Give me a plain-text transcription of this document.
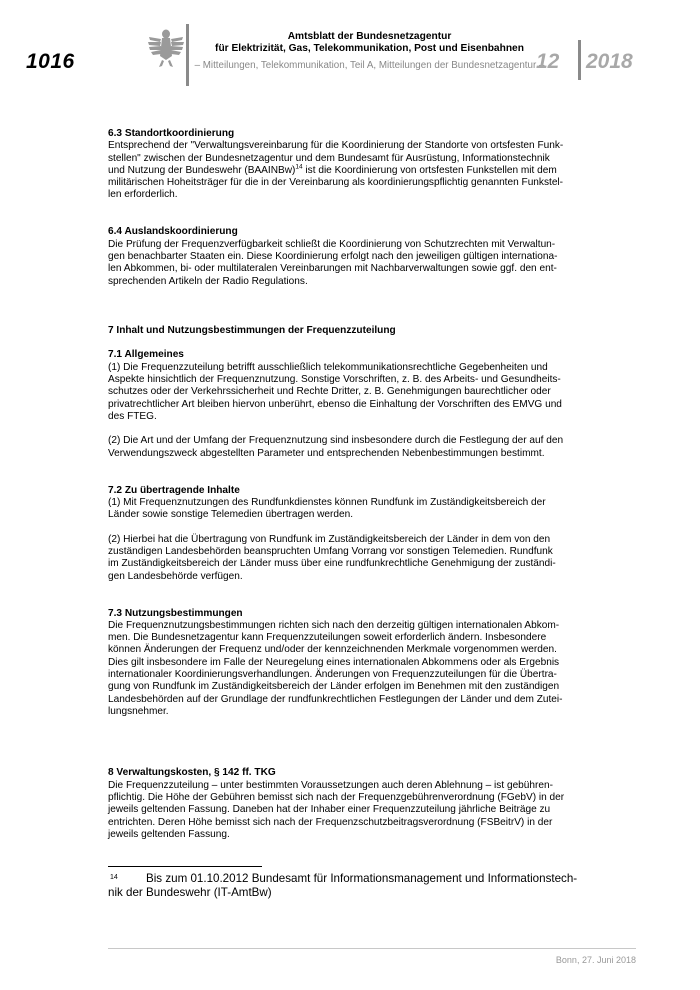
1016
Amtsblatt der Bundesnetzagentur
für Elektrizität, Gas, Telekommunikation, Post und Eisenbahnen
– Mitteilungen, Telekommunikation, Teil A, Mitteilungen der Bundesnetzagentur –
12 2018
6.3 Standortkoordinierung
Entsprechend der "Verwaltungsvereinbarung für die Koordinierung der Standorte von ortsfesten Funk-
stellen" zwischen der Bundesnetzagentur und dem Bundesamt für Ausrüstung, Informationstechnik
und Nutzung der Bundeswehr (BAAINBw)$^{14}$ ist die Koordinierung von ortsfesten Funkstellen mit dem
militärischen Hoheitsträger für die in der Vereinbarung als koordinierungspflichtig genannten Funkstel-
len erforderlich.
6.4 Auslandskoordinierung
Die Prüfung der Frequenzverfügbarkeit schließt die Koordinierung von Schutzrechten mit Verwaltun-
gen benachbarter Staaten ein. Diese Koordinierung erfolgt nach den jeweiligen gültigen internationa-
len Abkommen, bi- oder multilateralen Vereinbarungen mit Nachbarverwaltungen sowie ggf. den ent-
sprechenden Artikeln der Radio Regulations.
7 Inhalt und Nutzungsbestimmungen der Frequenzzuteilung
7.1 Allgemeines
(1) Die Frequenzzuteilung betrifft ausschließlich telekommunikationsrechtliche Gegebenheiten und
Aspekte hinsichtlich der Frequenznutzung. Sonstige Vorschriften, z. B. des Arbeits- und Gesundheits-
schutzes oder der Verkehrssicherheit und Rechte Dritter, z. B. Genehmigungen baurechtlicher oder
privatrechtlicher Art bleiben hiervon unberührt, ebenso die Einhaltung der Vorschriften des EMVG und
des FTEG.
(2) Die Art und der Umfang der Frequenznutzung sind insbesondere durch die Festlegung der auf den
Verwendungszweck abgestellten Parameter und entsprechenden Nebenbestimmungen bestimmt.
7.2 Zu übertragende Inhalte
(1) Mit Frequenznutzungen des Rundfunkdienstes können Rundfunk im Zuständigkeitsbereich der
Länder sowie sonstige Telemedien übertragen werden.
(2) Hierbei hat die Übertragung von Rundfunk im Zuständigkeitsbereich der Länder in dem von den
zuständigen Landesbehörden beanspruchten Umfang Vorrang vor sonstigen Telemedien. Rundfunk
im Zuständigkeitsbereich der Länder muss über eine rundfunkrechtliche Genehmigung der zuständi-
gen Landesbehörde verfügen.
7.3 Nutzungsbestimmungen
Die Frequenznutzungsbestimmungen richten sich nach den derzeitig gültigen internationalen Abkom-
men. Die Bundesnetzagentur kann Frequenzzuteilungen soweit erforderlich ändern. Insbesondere
können Änderungen der Frequenz und/oder der kennzeichnenden Merkmale vorgenommen werden.
Dies gilt insbesondere im Falle der Neuregelung eines internationalen Abkommens oder als Ergebnis
internationaler Koordinierungsverhandlungen. Änderungen von Frequenzzuteilungen für die Übertra-
gung von Rundfunk im Zuständigkeitsbereich der Länder erfolgen im Benehmen mit den zuständigen
Landesbehörden auf der Grundlage der rundfunkrechtlichen Festlegungen der Länder und dem Zutei-
lungsnehmer.
8 Verwaltungskosten, § 142 ff. TKG
Die Frequenzzuteilung – unter bestimmten Voraussetzungen auch deren Ablehnung – ist gebühren-
pflichtig. Die Höhe der Gebühren bemisst sich nach der Frequenzgebührenverordnung (FGebV) in der
jeweils geltenden Fassung. Daneben hat der Inhaber einer Frequenzzuteilung jährliche Beiträge zu
entrichten. Deren Höhe bemisst sich nach der Frequenzschutzbeitragsverordnung (FSBeitrV) in der
jeweils geltenden Fassung.
14	Bis zum 01.10.2012 Bundesamt für Informationsmanagement und Informationstech-
nik der Bundeswehr (IT-AmtBw)
Bonn, 27. Juni 2018
